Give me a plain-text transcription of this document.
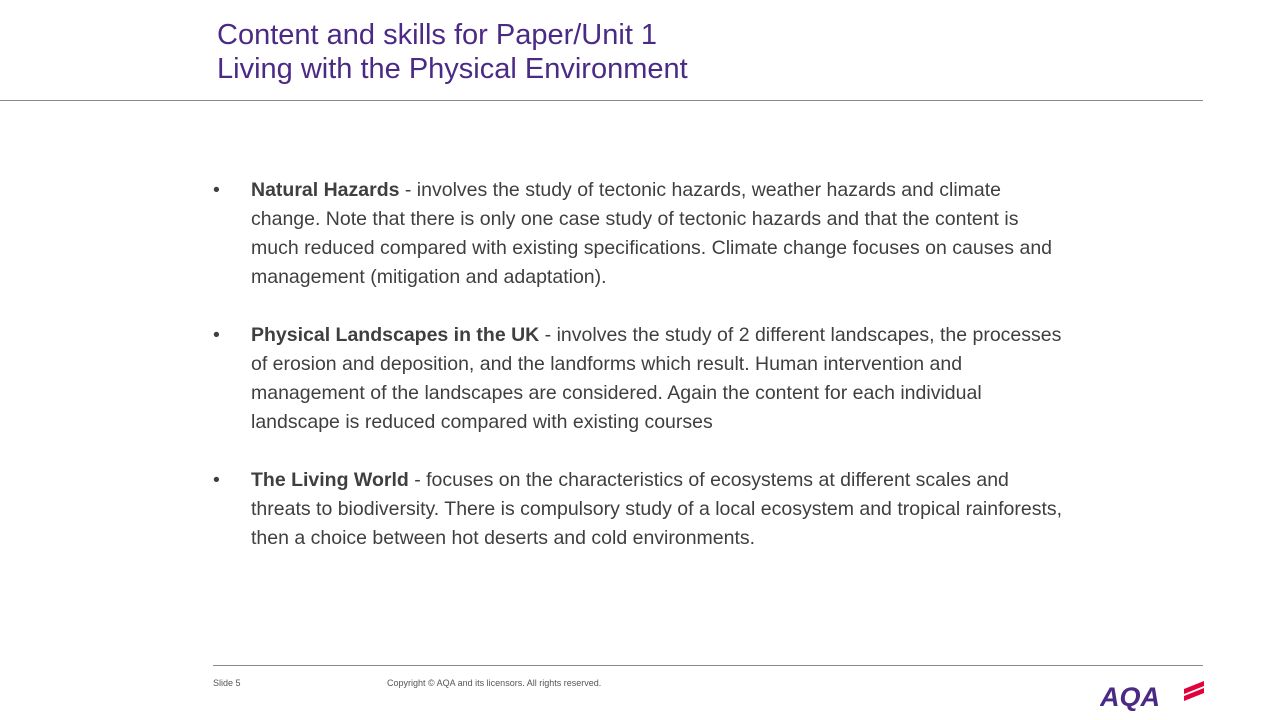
Content and skills for Paper/Unit 1
Living with the Physical Environment
• Natural Hazards - involves the study of tectonic hazards, weather hazards and climate change. Note that there is only one case study of tectonic hazards and that the content is much reduced compared with existing specifications. Climate change focuses on causes and management (mitigation and adaptation).
• Physical Landscapes in the UK - involves the study of 2 different landscapes, the processes of erosion and deposition, and the landforms which result. Human intervention and management of the landscapes are considered. Again the content for each individual landscape is reduced compared with existing courses
• The Living World - focuses on the characteristics of ecosystems at different scales and threats to biodiversity. There is compulsory study of a local ecosystem and tropical rainforests, then a choice between hot deserts and cold environments.
Slide 5	Copyright © AQA and its licensors. All rights reserved.	AQA
